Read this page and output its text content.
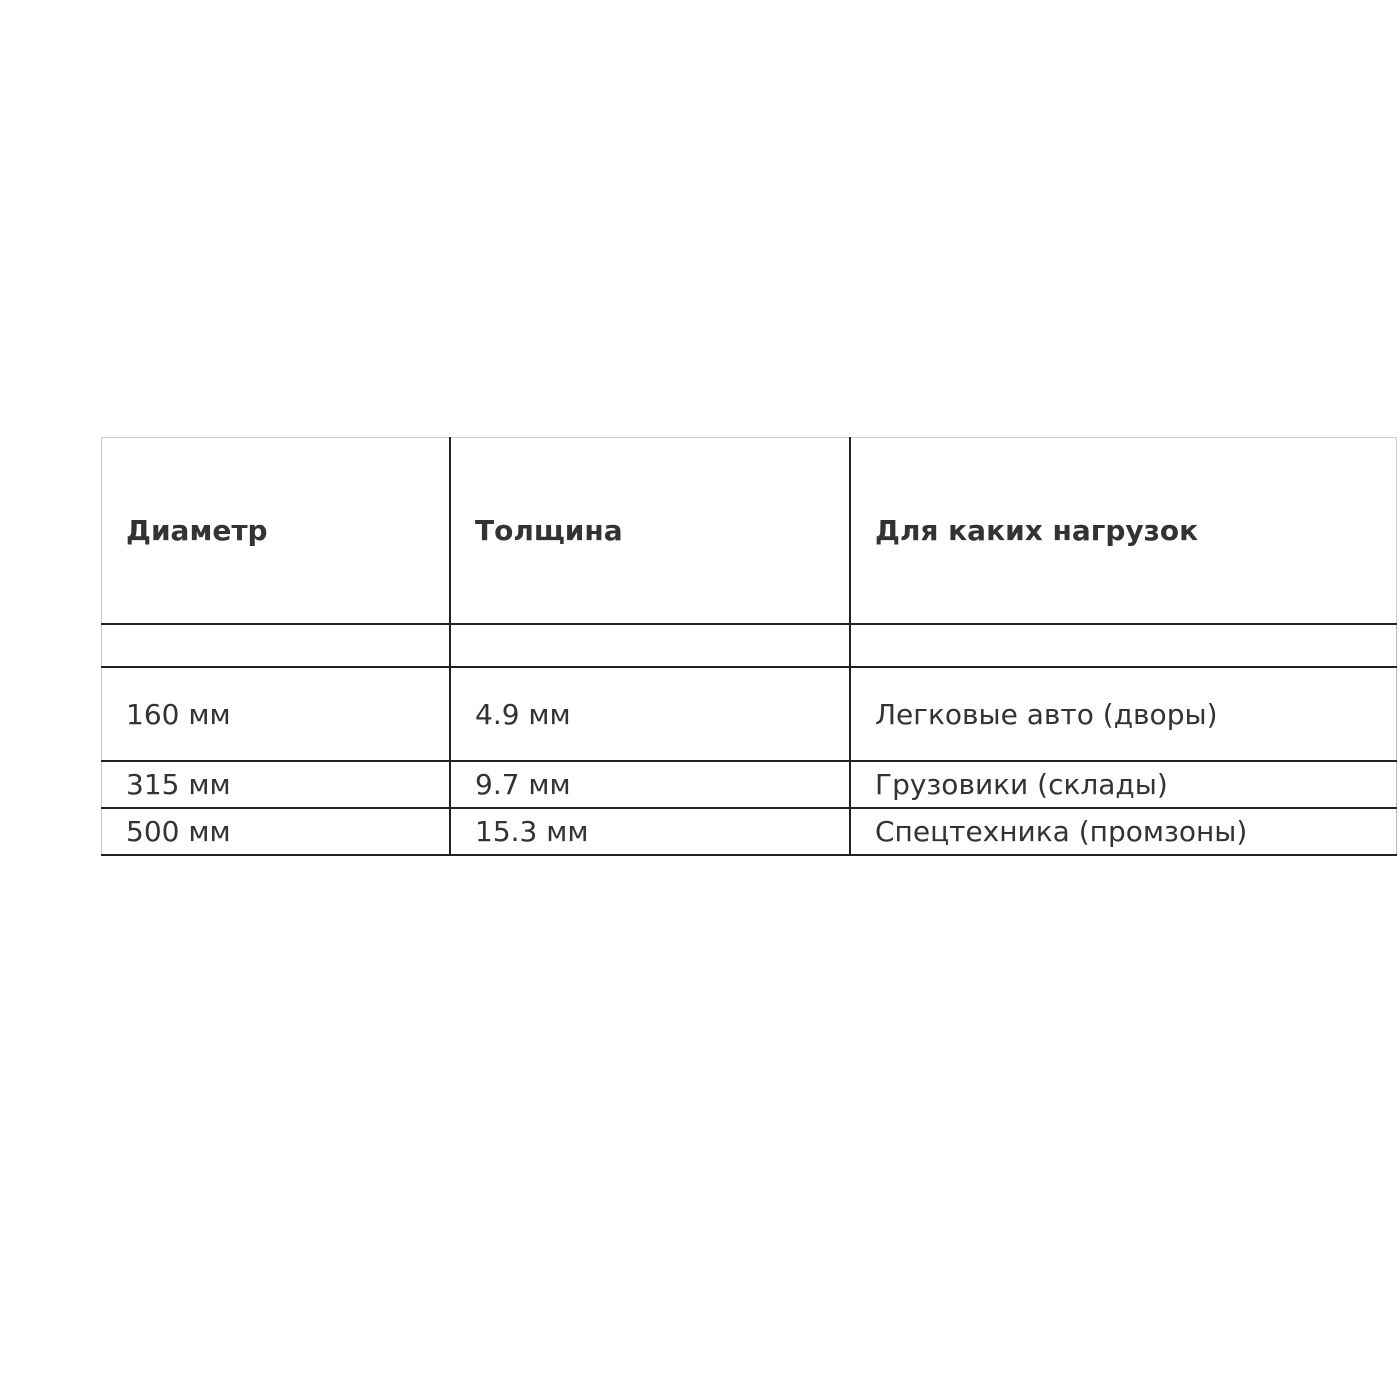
Диаметр	Толщина	Для каких нагрузок

160 мм	4.9 мм	Легковые авто (дворы)
315 мм	9.7 мм	Грузовики (склады)
500 мм	15.3 мм	Спецтехника (промзоны)
